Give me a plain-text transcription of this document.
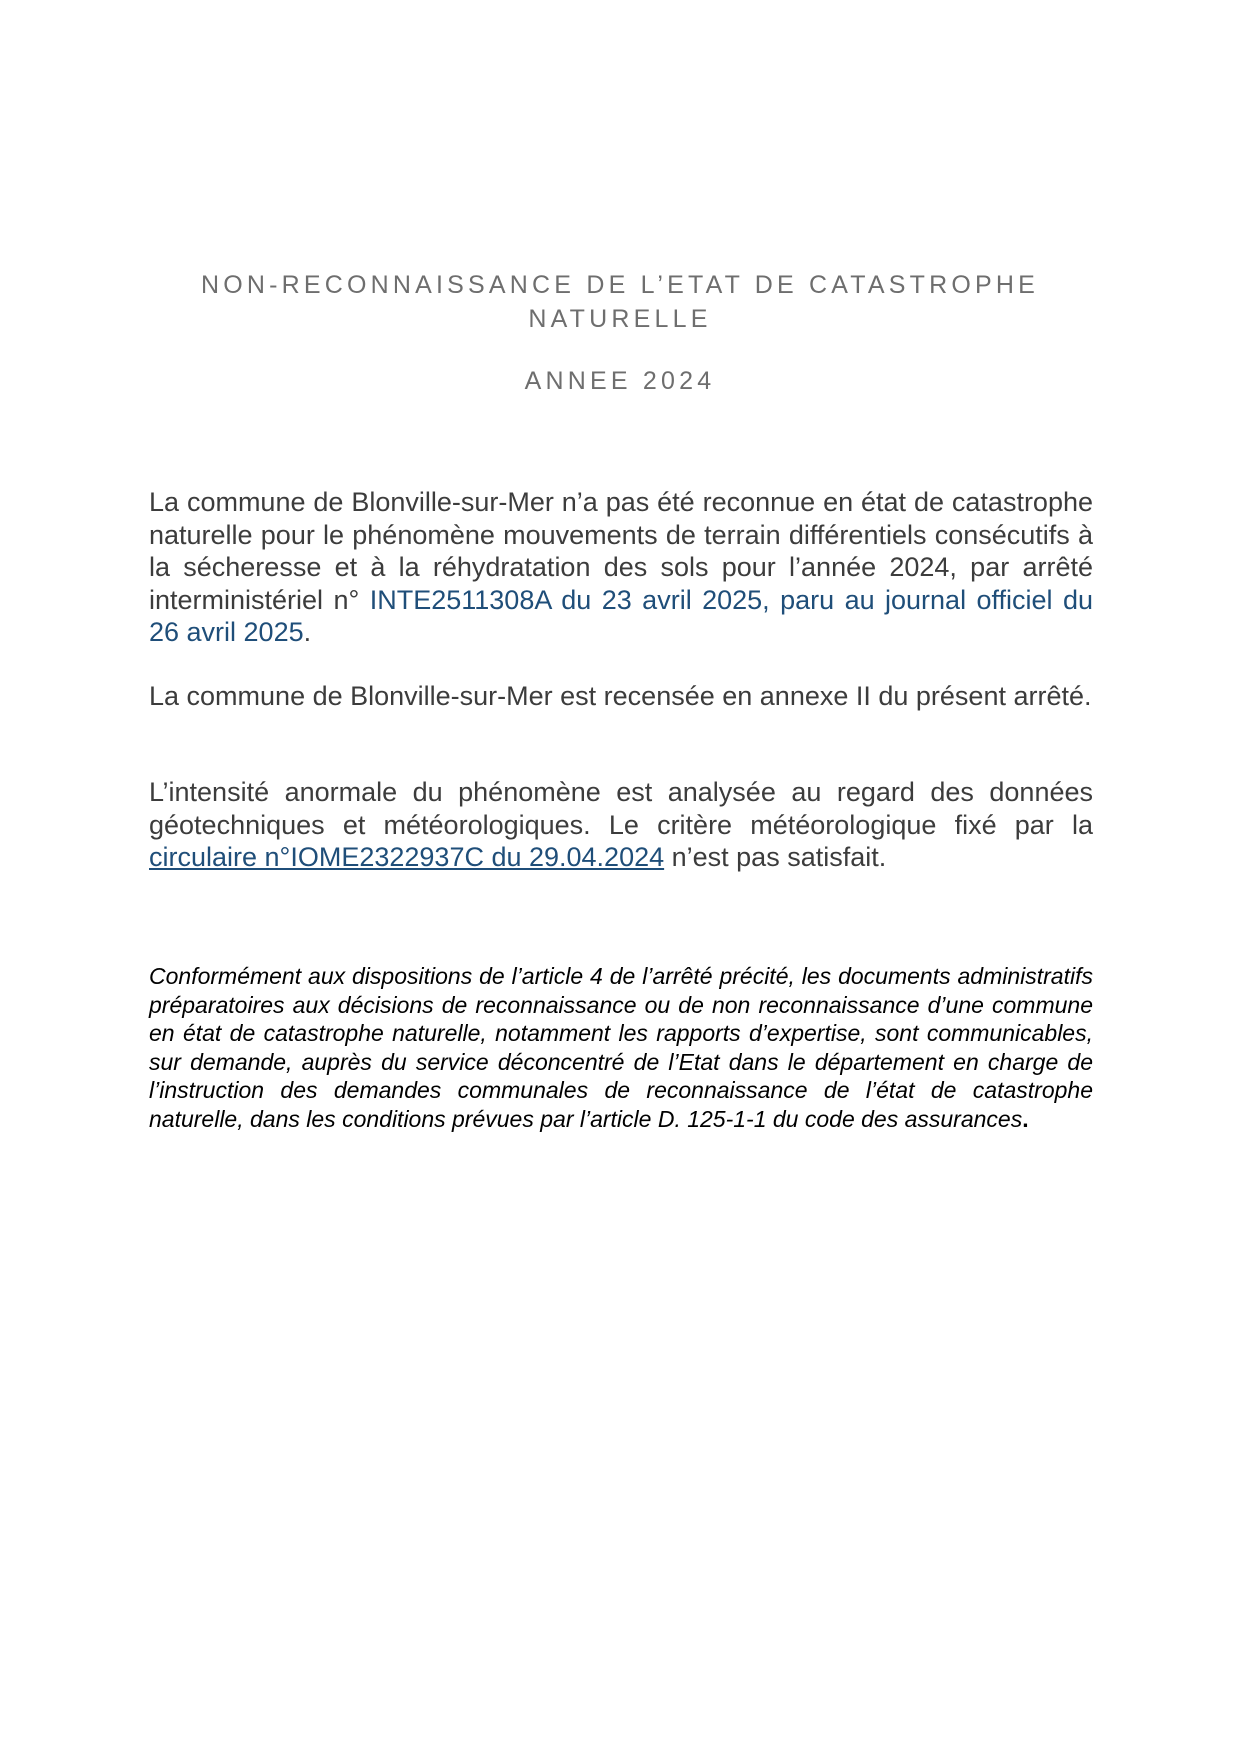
NON-RECONNAISSANCE DE L’ETAT DE CATASTROPHE
NATURELLE
ANNEE 2024
La commune de Blonville-sur-Mer n’a pas été reconnue en état de catastrophe naturelle pour le phénomène mouvements de terrain différentiels consécutifs à la sécheresse et à la réhydratation des sols pour l’année 2024, par arrêté interministériel n° INTE2511308A du 23 avril 2025, paru au journal officiel du 26 avril 2025.
La commune de Blonville-sur-Mer est recensée en annexe II du présent arrêté.
L’intensité anormale du phénomène est analysée au regard des données géotechniques et météorologiques. Le critère météorologique fixé par la circulaire n°IOME2322937C du 29.04.2024 n’est pas satisfait.
Conformément aux dispositions de l’article 4 de l’arrêté précité, les documents administratifs préparatoires aux décisions de reconnaissance ou de non reconnaissance d’une commune en état de catastrophe naturelle, notamment les rapports d’expertise, sont communicables, sur demande, auprès du service déconcentré de l’Etat dans le département en charge de l’instruction des demandes communales de reconnaissance de l’état de catastrophe naturelle, dans les conditions prévues par l’article D. 125-1-1 du code des assurances.
